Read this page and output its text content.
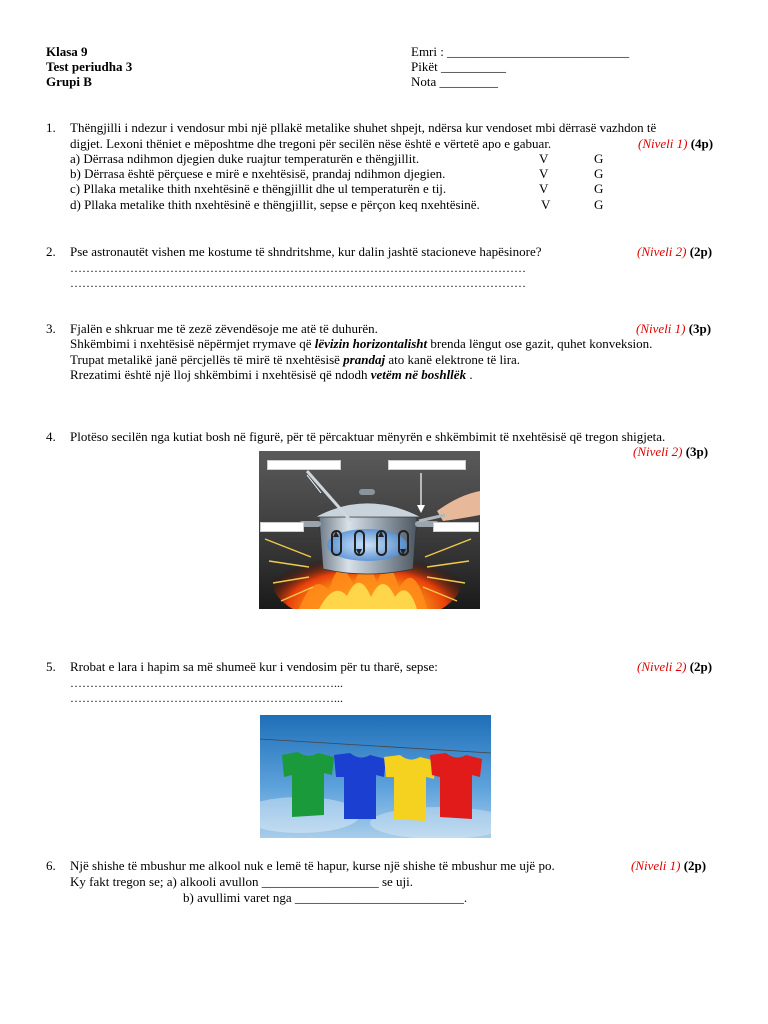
Klasa 9
Test periudha 3
Grupi B
Emri : ____________________________
Pikët __________
Nota _________
1. Thëngjilli i ndezur i vendosur mbi një pllakë metalike shuhet shpejt, ndërsa kur vendoset mbi dërrasë vazhdon të
digjet. Lexoni thëniet e mëposhtme dhe tregoni për secilën nëse është e vërtetë apo e gabuar.	(Niveli 1) (4p)
a) Dërrasa ndihmon djegien duke ruajtur temperaturën e thëngjillit.	V	G
b) Dërrasa është përçuese e mirë e nxehtësisë, prandaj ndihmon djegien.	V	G
c) Pllaka metalike thith nxehtësinë e thëngjillit dhe ul temperaturën e tij.	V	G
d) Pllaka metalike thith nxehtësinë e thëngjillit, sepse e përçon keq nxehtësinë.	V	G
2. Pse astronautët vishen me kostume të shndritshme, kur dalin jashtë stacioneve hapësinore?	(Niveli 2) (2p)
……………………………………………………………………………………………………
……………………………………………………………………………………………………
3. Fjalën e shkruar me të zezë zëvendësoje me atë të duhurën.	(Niveli 1) (3p)
Shkëmbimi i nxehtësisë nëpërmjet rrymave që lëvizin horizontalisht brenda lëngut ose gazit, quhet konveksion.
Trupat metalikë janë përcjellës të mirë të nxehtësisë prandaj ato kanë elektrone të lira.
Rrezatimi është një lloj shkëmbimi i nxehtësisë që ndodh vetëm në boshllëk .
4. Plotëso secilën nga kutiat bosh në figurë, për të përcaktuar mënyrën e shkëmbimit të nxehtësisë që tregon shigjeta.
(Niveli 2) (3p)
5. Rrobat e lara i hapim sa më shumeë kur i vendosim për tu tharë, sepse:	(Niveli 2) (2p)
…………………………………………………………...
…………………………………………………………...
6. Një shishe të mbushur me alkool nuk e lemë të hapur, kurse një shishe të mbushur me ujë po.	(Niveli 1) (2p)
Ky fakt tregon se; a) alkooli avullon __________________ se uji.
b) avullimi varet nga __________________________.
